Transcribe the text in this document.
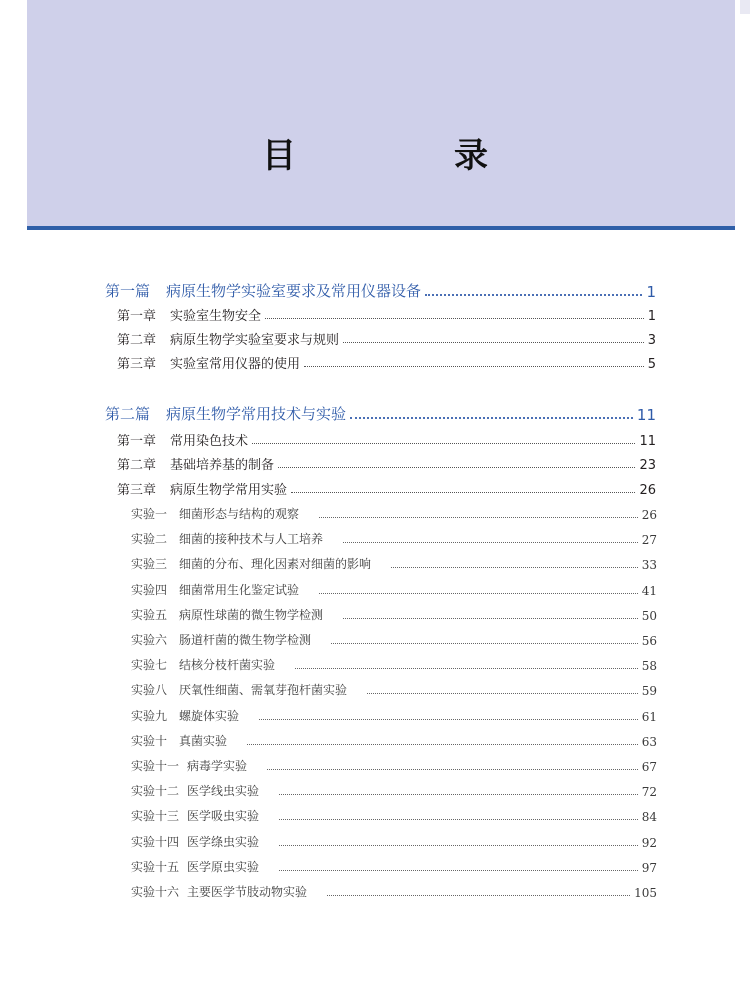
目　录
第一篇 病原生物学实验室要求及常用仪器设备	1
第一章 实验室生物安全	1
第二章 病原生物学实验室要求与规则	3
第三章 实验室常用仪器的使用	5
第二篇 病原生物学常用技术与实验	11
第一章 常用染色技术	11
第二章 基础培养基的制备	23
第三章 病原生物学常用实验	26
实验一 细菌形态与结构的观察	26
实验二 细菌的接种技术与人工培养	27
实验三 细菌的分布、理化因素对细菌的影响	33
实验四 细菌常用生化鉴定试验	41
实验五 病原性球菌的微生物学检测	50
实验六 肠道杆菌的微生物学检测	56
实验七 结核分枝杆菌实验	58
实验八 厌氧性细菌、需氧芽孢杆菌实验	59
实验九 螺旋体实验	61
实验十 真菌实验	63
实验十一 病毒学实验	67
实验十二 医学线虫实验	72
实验十三 医学吸虫实验	84
实验十四 医学绦虫实验	92
实验十五 医学原虫实验	97
实验十六 主要医学节肢动物实验	105
